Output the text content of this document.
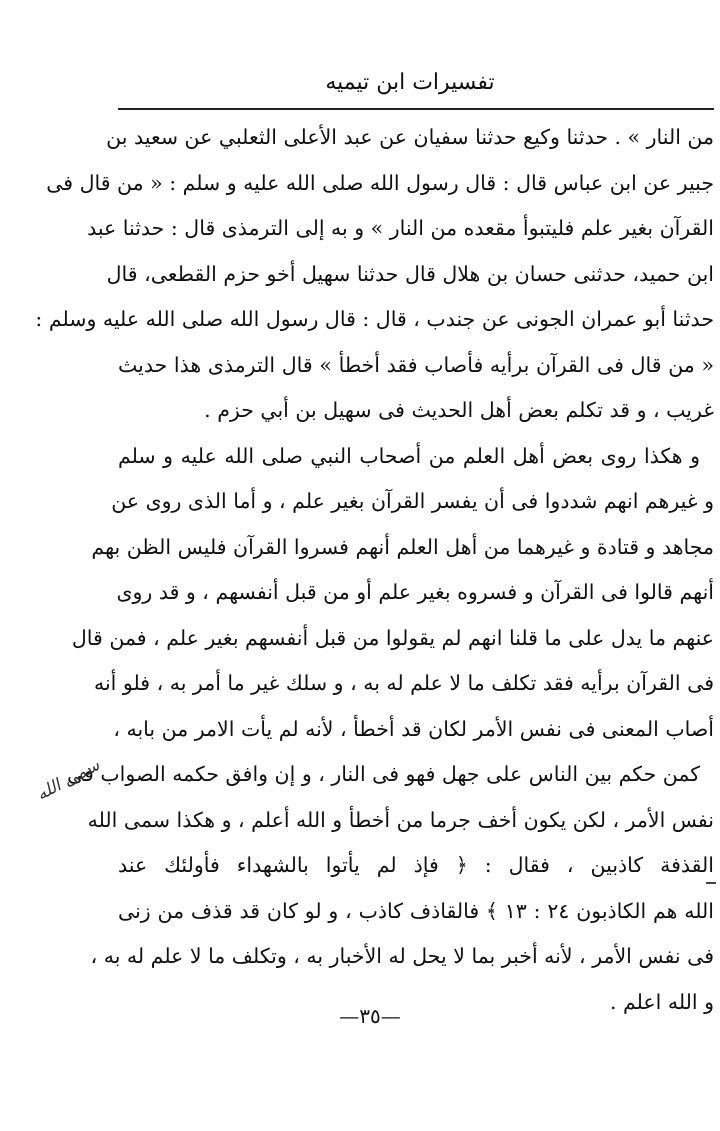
تفسيرات ابن تيميه
من النار » . حدثنا وكيع حدثنا سفيان عن عبد الأعلى الثعلبي عن سعيد بن
جبير عن ابن عباس قال : قال رسول الله صلى الله عليه و سلم : « من قال فى
القرآن بغير علم فليتبوأ مقعده من النار » و به إلى الترمذى قال : حدثنا عبد
ابن حميد، حدثنى حسان بن هلال قال حدثنا سهيل أخو حزم القطعى، قال
حدثنا أبو عمران الجونى عن جندب ، قال : قال رسول الله صلى الله عليه وسلم :
« من قال فى القرآن برأيه فأصاب فقد أخطأ » قال الترمذى هذا حديث
غريب ، و قد تكلم بعض أهل الحديث فى سهيل بن أبي حزم .
و هكذا روى بعض أهل العلم من أصحاب النبي صلى الله عليه و سلم
و غيرهم انهم شددوا فى أن يفسر القرآن بغير علم ، و أما الذى روى عن
مجاهد و قتادة و غيرهما من أهل العلم أنهم فسروا القرآن فليس الظن بهم
أنهم قالوا فى القرآن و فسروه بغير علم أو من قبل أنفسهم ، و قد روى
عنهم ما يدل على ما قلنا انهم لم يقولوا من قبل أنفسهم بغير علم ، فمن قال
فى القرآن برأيه فقد تكلف ما لا علم له به ، و سلك غير ما أمر به ، فلو أنه
أصاب المعنى فى نفس الأمر لكان قد أخطأ ، لأنه لم يأت الامر من بابه ،
كمن حكم بين الناس على جهل فهو فى النار ، و إن وافق حكمه الصواب فى
نفس الأمر ، لكن يكون أخف جرما من أخطأ و الله أعلم ، و هكذا سمى الله
القذفة كاذبين ، فقال : ﴿ فإذ لم يأتوا بالشهداء فأولئك عند
الله هم الكاذبون ٢٤ : ١٣ ﴾ فالقاذف كاذب ، و لو كان قد قذف من زنى
فى نفس الأمر ، لأنه أخبر بما لا يحل له الأخبار به ، وتكلف ما لا علم له به ،
و الله اعلم .
سمى الله
—٣٥—
